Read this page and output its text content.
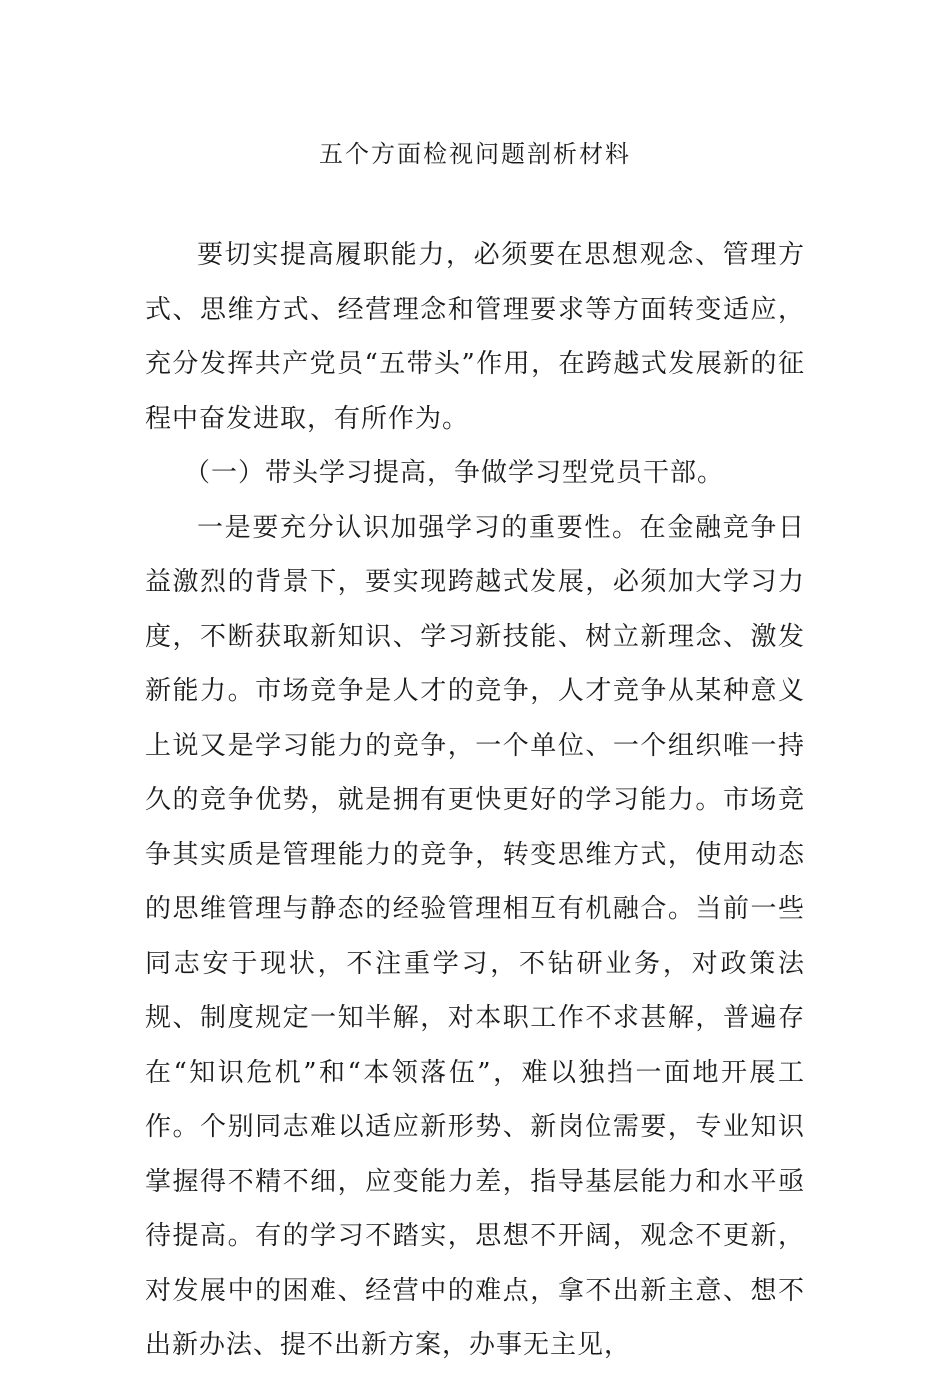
五个方面检视问题剖析材料

要切实提高履职能力，必须要在思想观念、管理方式、思维方式、经营理念和管理要求等方面转变适应，充分发挥共产党员“五带头”作用，在跨越式发展新的征程中奋发进取，有所作为。

（一）带头学习提高，争做学习型党员干部。

一是要充分认识加强学习的重要性。在金融竞争日益激烈的背景下，要实现跨越式发展，必须加大学习力度，不断获取新知识、学习新技能、树立新理念、激发新能力。市场竞争是人才的竞争，人才竞争从某种意义上说又是学习能力的竞争，一个单位、一个组织唯一持久的竞争优势，就是拥有更快更好的学习能力。市场竞争其实质是管理能力的竞争，转变思维方式，使用动态的思维管理与静态的经验管理相互有机融合。当前一些同志安于现状，不注重学习，不钻研业务，对政策法规、制度规定一知半解，对本职工作不求甚解，普遍存在“知识危机”和“本领落伍”，难以独挡一面地开展工作。个别同志难以适应新形势、新岗位需要，专业知识掌握得不精不细，应变能力差，指导基层能力和水平亟待提高。有的学习不踏实，思想不开阔，观念不更新，对发展中的困难、经营中的难点，拿不出新主意、想不出新办法、提不出新方案，办事无主见，
